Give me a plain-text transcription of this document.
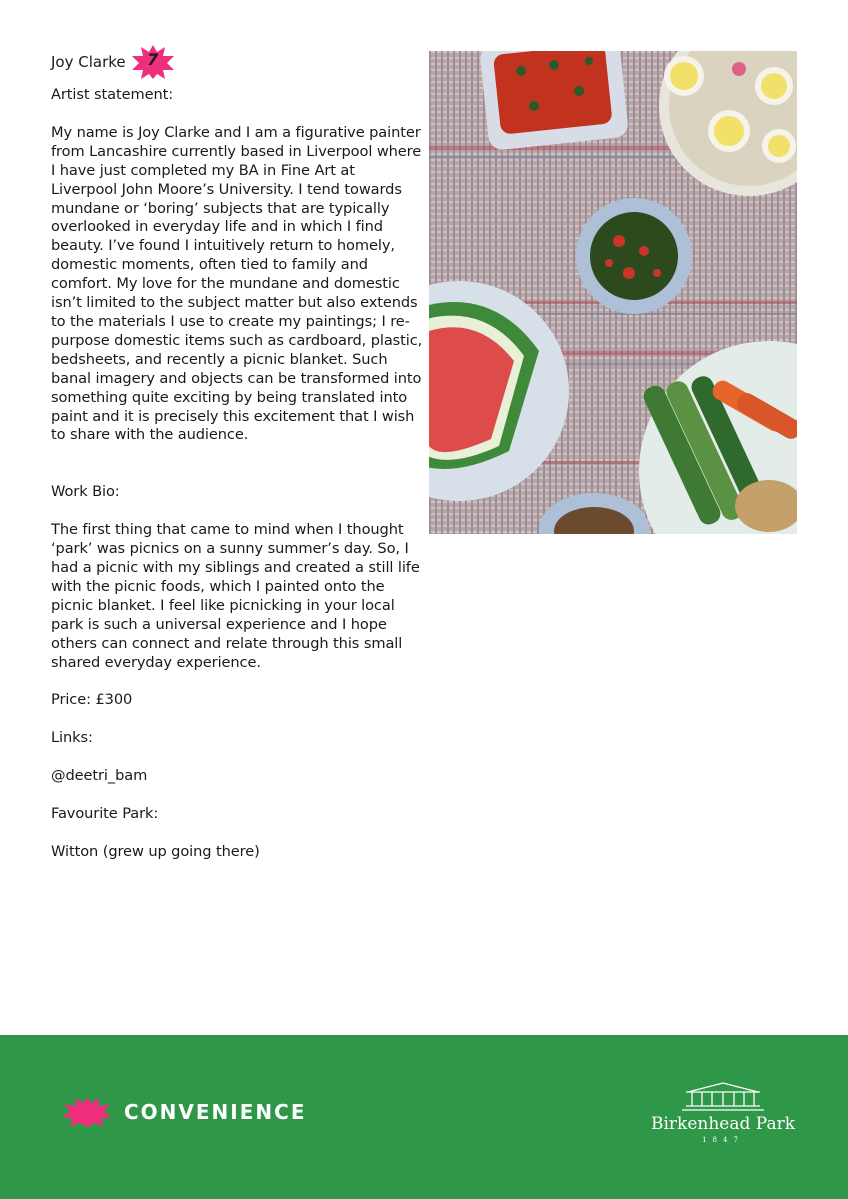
Joy Clarke	7

Artist statement:

My name is Joy Clarke and I am a figurative painter from Lancashire currently based in Liverpool where I have just completed my BA in Fine Art at Liverpool John Moore’s University. I tend towards mundane or ‘boring’ subjects that are typically overlooked in everyday life and in which I find beauty. I’ve found I intuitively return to homely, domestic moments, often tied to family and comfort. My love for the mundane and domestic isn’t limited to the subject matter but also extends to the materials I use to create my paintings; I re-purpose domestic items such as cardboard, plastic, bedsheets, and recently a picnic blanket. Such banal imagery and objects can be transformed into something quite exciting by being translated into paint and it is precisely this excitement that I wish to share with the audience.

Work Bio:

The first thing that came to mind when I thought ‘park’ was picnics on a sunny summer’s day. So, I had a picnic with my siblings and created a still life with the picnic foods, which I painted onto the picnic blanket. I feel like picnicking in your local park is such a universal experience and I hope others can connect and relate through this small shared everyday experience.

Price: £300

Links:

@deetri_bam

Favourite Park:

Witton (grew up going there)

CONVENIENCE	Birkenhead Park
1847
